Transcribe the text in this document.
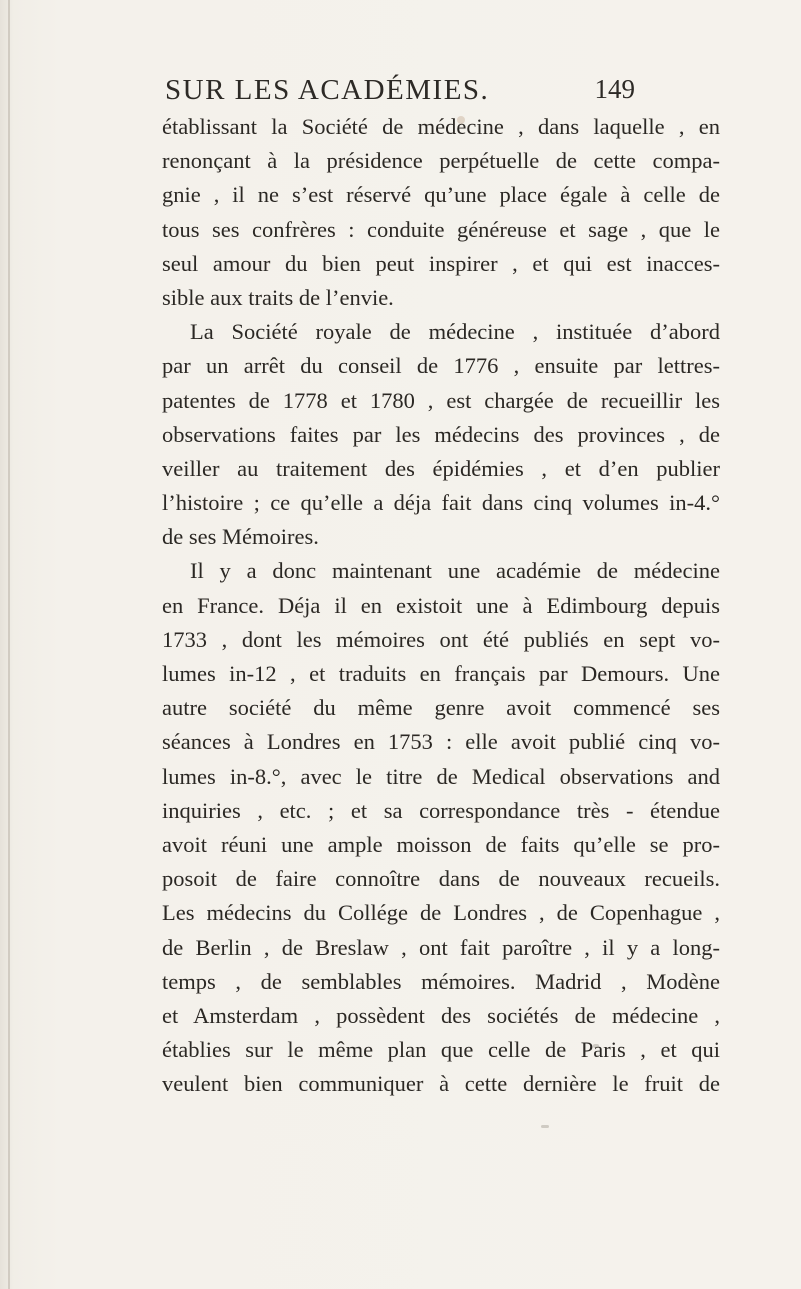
SUR LES ACADÉMIES.	149
établissant la Société de médecine , dans laquelle , en
renonçant à la présidence perpétuelle de cette compa-
gnie , il ne s’est réservé qu’une place égale à celle de
tous ses confrères : conduite généreuse et sage , que le
seul amour du bien peut inspirer , et qui est inacces-
sible aux traits de l’envie.
La Société royale de médecine , instituée d’abord
par un arrêt du conseil de 1776 , ensuite par lettres-
patentes de 1778 et 1780 , est chargée de recueillir les
observations faites par les médecins des provinces , de
veiller au traitement des épidémies , et d’en publier
l’histoire ; ce qu’elle a déja fait dans cinq volumes in-4.°
de ses Mémoires.
Il y a donc maintenant une académie de médecine
en France. Déja il en existoit une à Edimbourg depuis
1733 , dont les mémoires ont été publiés en sept vo-
lumes in-12 , et traduits en français par Demours. Une
autre société du même genre avoit commencé ses
séances à Londres en 1753 : elle avoit publié cinq vo-
lumes in-8.°, avec le titre de Medical observations and
inquiries , etc. ; et sa correspondance très - étendue
avoit réuni une ample moisson de faits qu’elle se pro-
posoit de faire connoître dans de nouveaux recueils.
Les médecins du Collége de Londres , de Copenhague ,
de Berlin , de Breslaw , ont fait paroître , il y a long-
temps , de semblables mémoires. Madrid , Modène
et Amsterdam , possèdent des sociétés de médecine ,
établies sur le même plan que celle de Paris , et qui
veulent bien communiquer à cette dernière le fruit de
